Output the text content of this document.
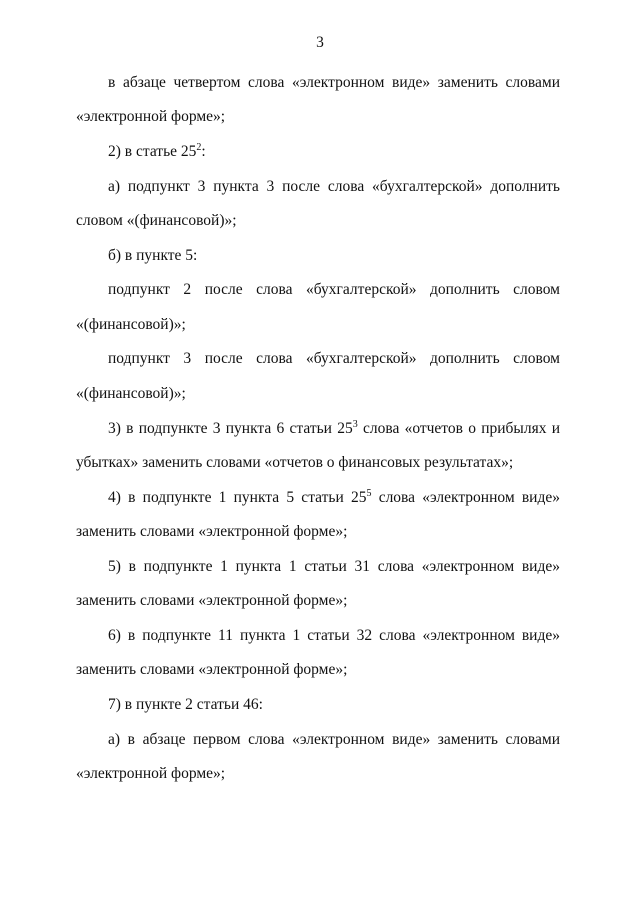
3
в абзаце четвертом слова «электронном виде» заменить словами
«электронной форме»;
2) в статье $25^2$:
а) подпункт 3 пункта 3 после слова «бухгалтерской» дополнить
словом «(финансовой)»;
б) в пункте 5:
подпункт 2 после слова «бухгалтерской» дополнить словом
«(финансовой)»;
подпункт 3 после слова «бухгалтерской» дополнить словом
«(финансовой)»;
3) в подпункте 3 пункта 6 статьи $25^3$ слова «отчетов о прибылях и
убытках» заменить словами «отчетов о финансовых результатах»;
4) в подпункте 1 пункта 5 статьи $25^5$ слова «электронном виде»
заменить словами «электронной форме»;
5) в подпункте 1 пункта 1 статьи 31 слова «электронном виде»
заменить словами «электронной форме»;
6) в подпункте 11 пункта 1 статьи 32 слова «электронном виде»
заменить словами «электронной форме»;
7) в пункте 2 статьи 46:
а) в абзаце первом слова «электронном виде» заменить словами
«электронной форме»;
